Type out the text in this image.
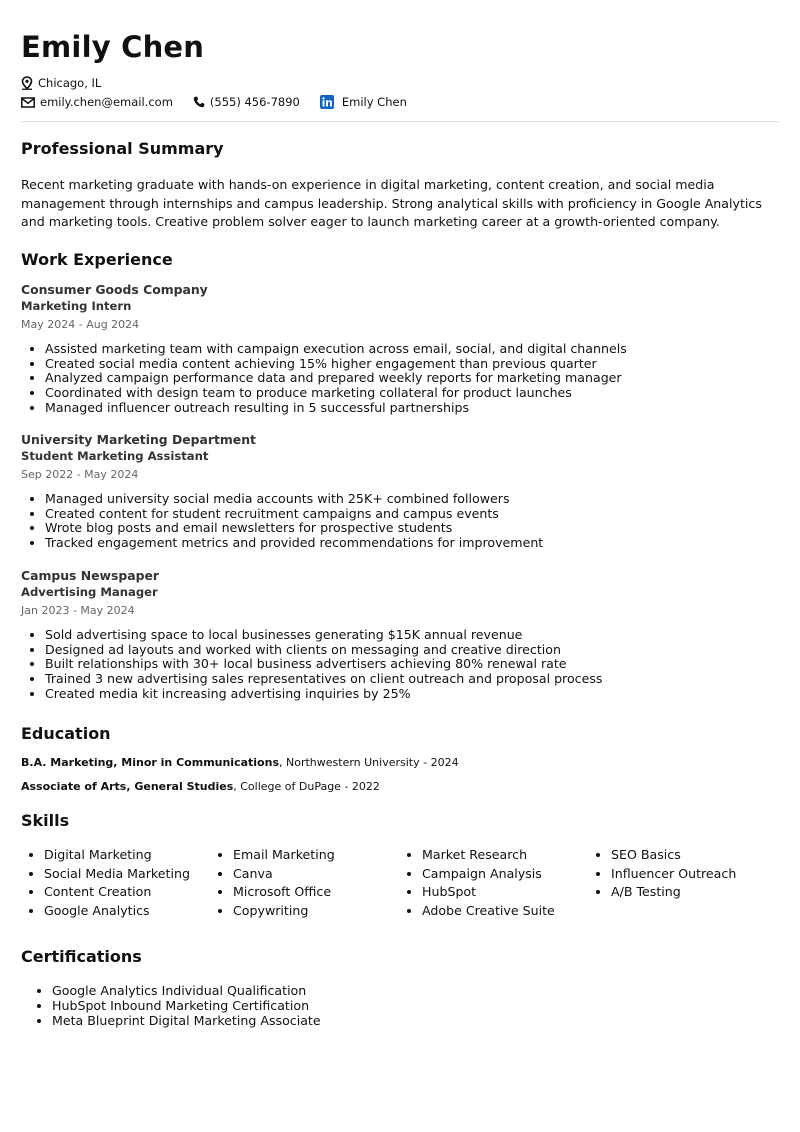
Emily Chen
Chicago, IL
emily.chen@email.com	(555) 456-7890	Emily Chen
Professional Summary

Recent marketing graduate with hands-on experience in digital marketing, content creation, and social media management through internships and campus leadership. Strong analytical skills with proficiency in Google Analytics and marketing tools. Creative problem solver eager to launch marketing career at a growth-oriented company.

Work Experience
Consumer Goods Company
Marketing Intern
May 2024 - Aug 2024
• Assisted marketing team with campaign execution across email, social, and digital channels
• Created social media content achieving 15% higher engagement than previous quarter
• Analyzed campaign performance data and prepared weekly reports for marketing manager
• Coordinated with design team to produce marketing collateral for product launches
• Managed influencer outreach resulting in 5 successful partnerships
University Marketing Department
Student Marketing Assistant
Sep 2022 - May 2024
• Managed university social media accounts with 25K+ combined followers
• Created content for student recruitment campaigns and campus events
• Wrote blog posts and email newsletters for prospective students
• Tracked engagement metrics and provided recommendations for improvement
Campus Newspaper
Advertising Manager
Jan 2023 - May 2024
• Sold advertising space to local businesses generating $15K annual revenue
• Designed ad layouts and worked with clients on messaging and creative direction
• Built relationships with 30+ local business advertisers achieving 80% renewal rate
• Trained 3 new advertising sales representatives on client outreach and proposal process
• Created media kit increasing advertising inquiries by 25%
Education
B.A. Marketing, Minor in Communications, Northwestern University - 2024
Associate of Arts, General Studies, College of DuPage - 2022
Skills
• Digital Marketing
• Social Media Marketing
• Content Creation
• Google Analytics
• Email Marketing
• Canva
• Microsoft Office
• Copywriting
• Market Research
• Campaign Analysis
• HubSpot
• Adobe Creative Suite
• SEO Basics
• Influencer Outreach
• A/B Testing
Certifications
• Google Analytics Individual Qualification
• HubSpot Inbound Marketing Certification
• Meta Blueprint Digital Marketing Associate
